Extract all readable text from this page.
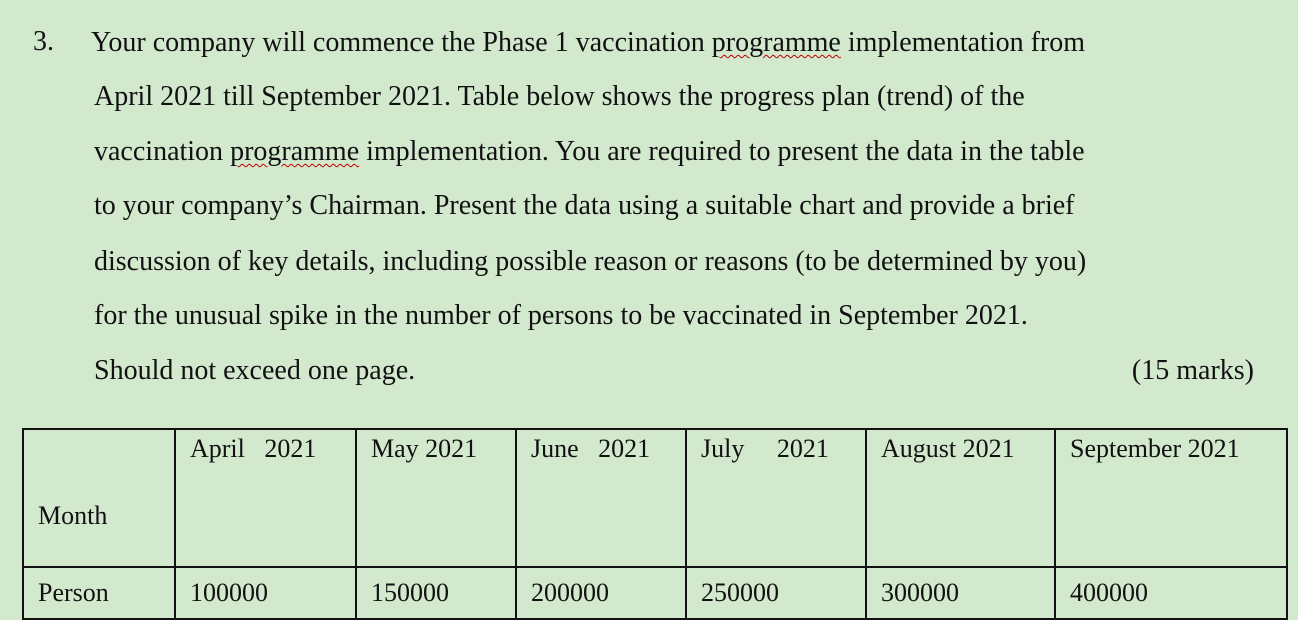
3. Your company will commence the Phase 1 vaccination programme implementation from
April 2021 till September 2021. Table below shows the progress plan (trend) of the
vaccination programme implementation. You are required to present the data in the table
to your company’s Chairman. Present the data using a suitable chart and provide a brief
discussion of key details, including possible reason or reasons (to be determined by you)
for the unusual spike in the number of persons to be vaccinated in September 2021.
Should not exceed one page.	(15 marks)
Month	April   2021	May 2021	June   2021	July     2021	August 2021	September 2021
Person	100000	150000	200000	250000	300000	400000
